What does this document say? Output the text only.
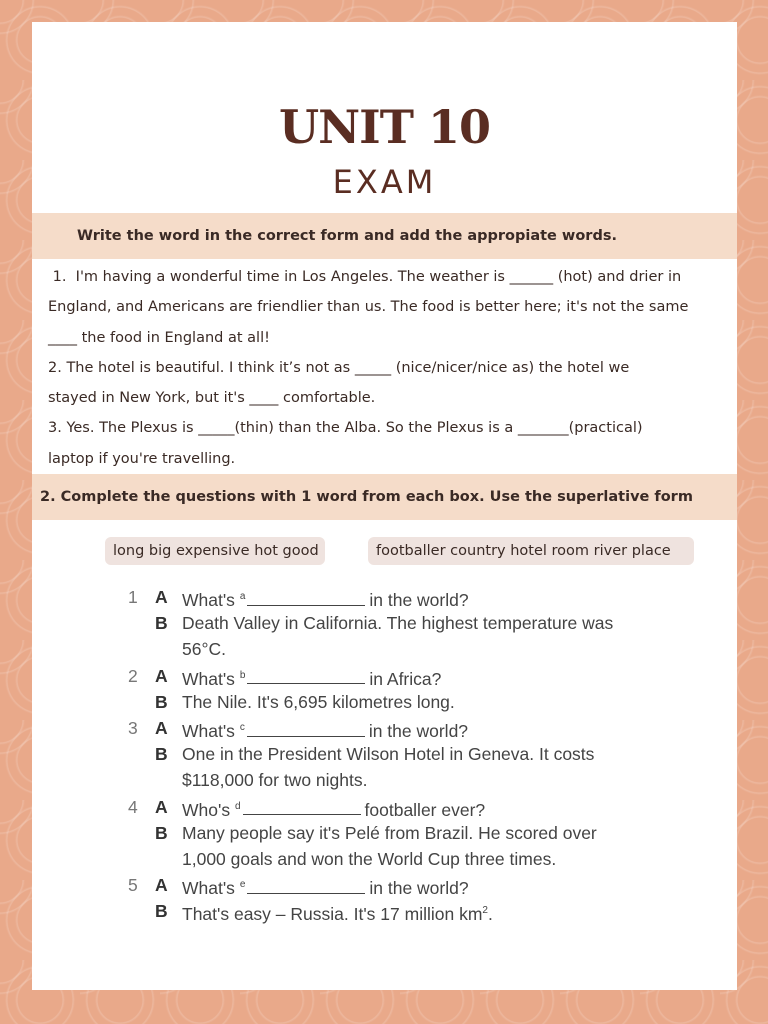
UNIT 10
EXAM
Write the word in the correct form and add the appropiate words.

1.  I'm having a wonderful time in Los Angeles. The weather is ______ (hot) and drier in

England, and Americans are friendlier than us. The food is better here; it's not the same

____ the food in England at all!

2. The hotel is beautiful. I think it’s not as _____ (nice/nicer/nice as) the hotel we

stayed in New York, but it's ____ comfortable.

3. Yes. The Plexus is _____(thin) than the Alba. So the Plexus is a _______(practical)

laptop if you're travelling.

2. Complete the questions with 1 word from each box. Use the superlative form
long big expensive hot good	footballer country hotel room river place
1 A What's $^a$	in the world?
B Death Valley in California. The highest temperature was
56°C.
2 A What's $^b$	in Africa?
B The Nile. It's 6,695 kilometres long.
3 A What's $^c$	in the world?
B One in the President Wilson Hotel in Geneva. It costs
$118,000 for two nights.
4 A Who's $^d$	footballer ever?
B Many people say it's Pelé from Brazil. He scored over
1,000 goals and won the World Cup three times.
5 A What's $^e$	in the world?
B That's easy – Russia. It's 17 million $km^2$.
